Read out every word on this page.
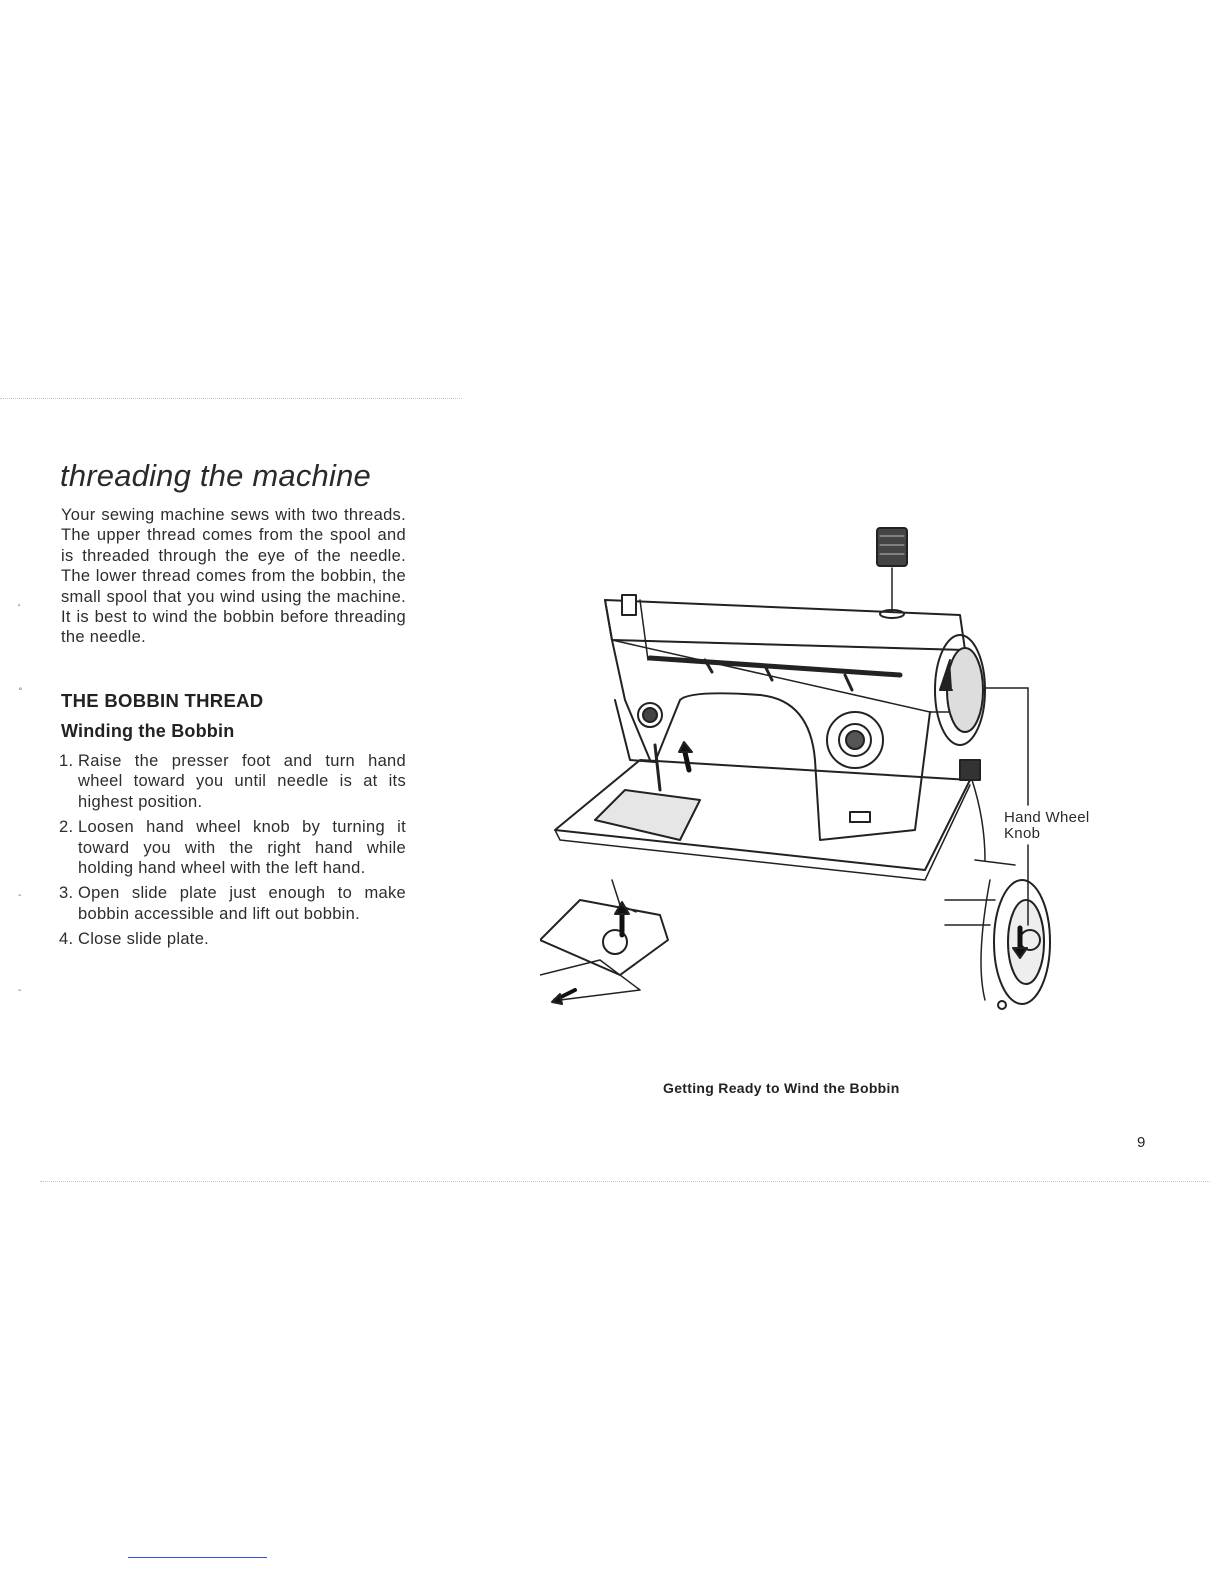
threading the machine

Your sewing machine sews with two threads. The upper thread comes from the spool and is threaded through the eye of the needle. The lower thread comes from the bobbin, the small spool that you wind using the machine. It is best to wind the bobbin before threading the needle.

˛
˚ THE BOBBIN THREAD
Winding the Bobbin
1. Raise the presser foot and turn hand wheel toward you until needle is at its highest position.
2. Loosen hand wheel knob by turning it toward you with the right hand while holding hand wheel with the left hand.
3. Open slide plate just enough to make bobbin accessible and lift out bobbin.
4. Close slide plate.
-
-

Hand Wheel
Knob

Getting Ready to Wind the Bobbin

9
